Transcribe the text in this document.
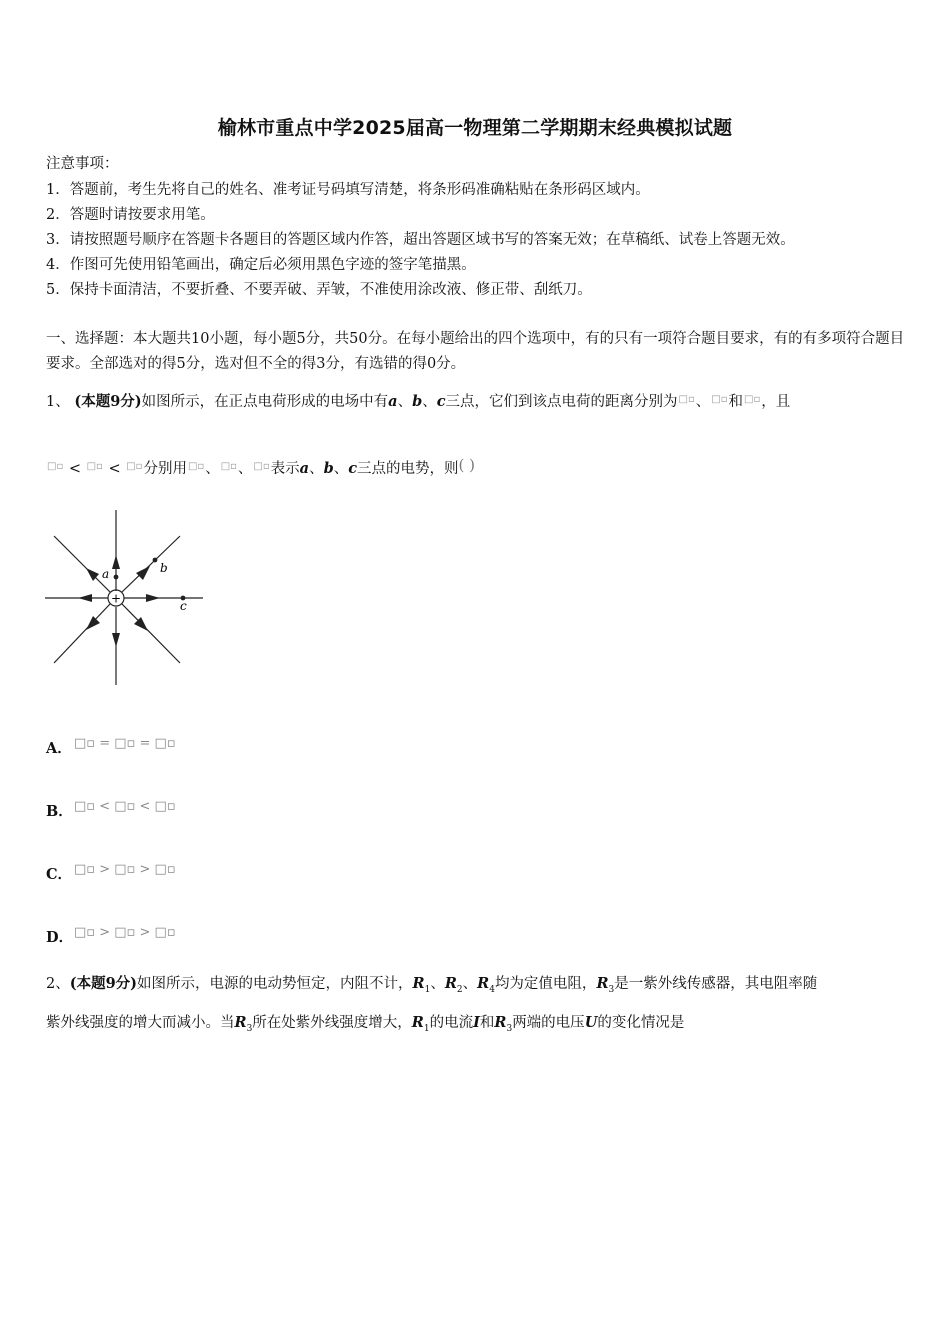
榆林市重点中学2025届高一物理第二学期期末经典模拟试题
注意事项：
1．答题前，考生先将自己的姓名、准考证号码填写清楚，将条形码准确粘贴在条形码区域内。
2．答题时请按要求用笔。
3．请按照题号顺序在答题卡各题目的答题区域内作答，超出答题区域书写的答案无效；在草稿纸、试卷上答题无效。
4．作图可先使用铅笔画出，确定后必须用黑色字迹的签字笔描黑。
5．保持卡面清洁，不要折叠、不要弄破、弄皱，不准使用涂改液、修正带、刮纸刀。
一、选择题：本大题共10小题，每小题5分，共50分。在每小题给出的四个选项中，有的只有一项符合题目要求，有的有多项符合题目要求。全部选对的得5分，选对但不全的得3分，有选错的得0分。
1、 (本题9分)如图所示，在正点电荷形成的电场中有a、b、c三点，它们到该点电荷的距离分别为□▫、□▫和□▫，且
□▫ < □▫ < □▫分别用□▫、□▫、□▫表示a、b、c三点的电势，则( )
+
a	b
c
A． □▫ = □▫ = □▫
B．□▫ < □▫ < □▫
C． □▫ > □▫ > □▫
D．□▫ > □▫ > □▫
2、(本题9分)如图所示，电源的电动势恒定，内阻不计，$R_1$、$R_2$、$R_4$均为定值电阻，$R_3$是一紫外线传感器，其电阻率随
紫外线强度的增大而减小。当$R_3$所在处紫外线强度增大，$R_1$的电流I和$R_3$两端的电压U的变化情况是
